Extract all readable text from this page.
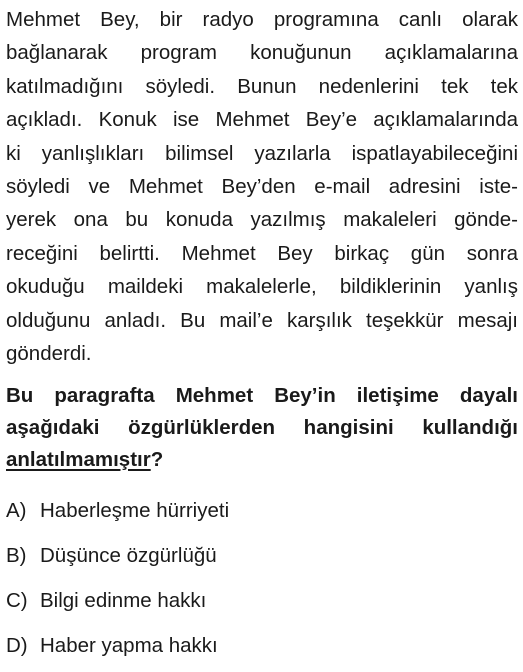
Mehmet Bey, bir radyo programına canlı olarak
bağlanarak program konuğunun açıklamalarına
katılmadığını söyledi. Bunun nedenlerini tek tek
açıkladı. Konuk ise Mehmet Bey’e açıklamalarında
ki yanlışlıkları bilimsel yazılarla ispatlayabileceğini
söyledi ve Mehmet Bey’den e-mail adresini iste-
yerek ona bu konuda yazılmış makaleleri gönde-
receğini belirtti. Mehmet Bey birkaç gün sonra
okuduğu maildeki makalelerle, bildiklerinin yanlış
olduğunu anladı. Bu mail’e karşılık teşekkür mesajı
gönderdi.
Bu paragrafta Mehmet Bey’in iletişime dayalı
aşağıdaki özgürlüklerden hangisini kullandığı
anlatılmamıştır?
A) Haberleşme hürriyeti
B) Düşünce özgürlüğü
C) Bilgi edinme hakkı
D) Haber yapma hakkı
